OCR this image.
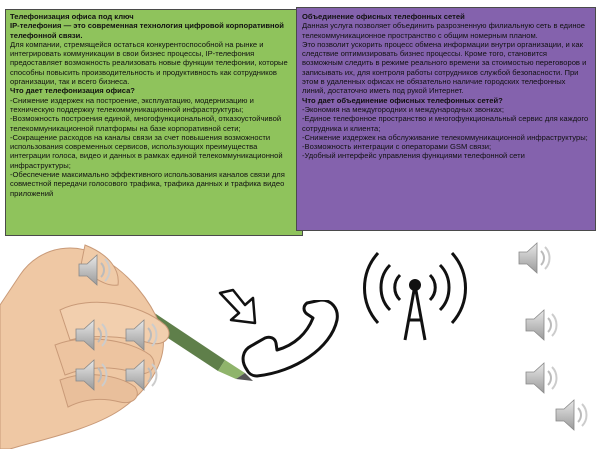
Телефонизация офиса под ключ

IP-телефония — это современная технология цифровой корпоративной телефонной связи.

Для компании, стремящейся остаться конкурентоспособной на рынке и интегрировать коммуникации в свои бизнес процессы, IP-телефония предоставляет возможность реализовать новые функции телефонии, которые способны повысить производительность и продуктивность как сотрудников организации, так и всего бизнеса.

Что дает телефонизация офиса?

-Снижение издержек на построение, эксплуатацию, модернизацию и техническую поддержку телекоммуникационной инфраструктуры;

-Возможность построения единой, многофункциональной, отказоустойчивой телекоммуникационной платформы на базе корпоративной сети;

-Сокращение расходов на каналы связи за счет повышения возможности использования современных сервисов, использующих преимущества интеграции голоса, видео и данных в рамках единой телекоммуникационной инфраструктуры;

-Обеспечение максимально эффективного использования каналов связи для совместной передачи голосового трафика, трафика данных и трафика видео приложений

Объединение офисных телефонных сетей

Данная услуга позволяет объединить разрозненную филиальную сеть в единое телекоммуникационное пространство с общим номерным планом.

Это позволит ускорить процесс обмена информации внутри организации, и как следствие оптимизировать бизнес процессы. Кроме того, становится возможным следить в режиме реального времени за стоимостью переговоров и записывать их, для контроля работы сотрудников службой безопасности. При этом в удаленных офисах не обязательно наличие городских телефонных линий, достаточно иметь под рукой Интернет.

Что дает объединение офисных телефонных сетей?

-Экономия на междугородних и международных звонках;

-Единое телефонное пространство и многофункциональный сервис для каждого сотрудника и клиента;

-Снижение издержек на обслуживание телекоммуникационной инфраструктуры;

-Возможность интеграции с операторами GSM связи;

-Удобный интерфейс управления функциями телефонной сети
